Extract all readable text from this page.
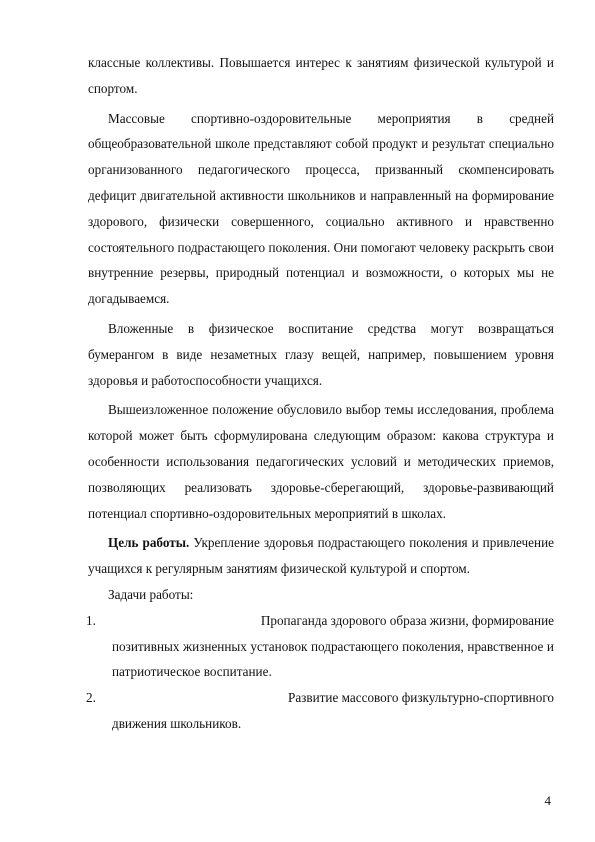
классные коллективы. Повышается интерес к занятиям физической культурой и спортом.

Массовые спортивно-оздоровительные мероприятия в средней общеобразовательной школе представляют собой продукт и результат специально организованного педагогического процесса, призванный скомпенсировать дефицит двигательной активности школьников и направленный на формирование здорового, физически совершенного, социально активного и нравственно состоятельного подрастающего поколения. Они помогают человеку раскрыть свои внутренние резервы, природный потенциал и возможности, о которых мы не догадываемся.

Вложенные в физическое воспитание средства могут возвращаться бумерангом в виде незаметных глазу вещей, например, повышением уровня здоровья и работоспособности учащихся.

Вышеизложенное положение обусловило выбор темы исследования, проблема которой может быть сформулирована следующим образом: какова структура и особенности использования педагогических условий и методических приемов, позволяющих реализовать здоровье-сберегающий, здоровье-развивающий потенциал спортивно-оздоровительных мероприятий в школах.

Цель работы. Укрепление здоровья подрастающего поколения и привлечение учащихся к регулярным занятиям физической культурой и спортом.

Задачи работы:

1.	Пропаганда здорового образа жизни, формирование
позитивных жизненных установок подрастающего поколения, нравственное и патриотическое воспитание.
2.	Развитие массового физкультурно-спортивного
движения школьников.
4
